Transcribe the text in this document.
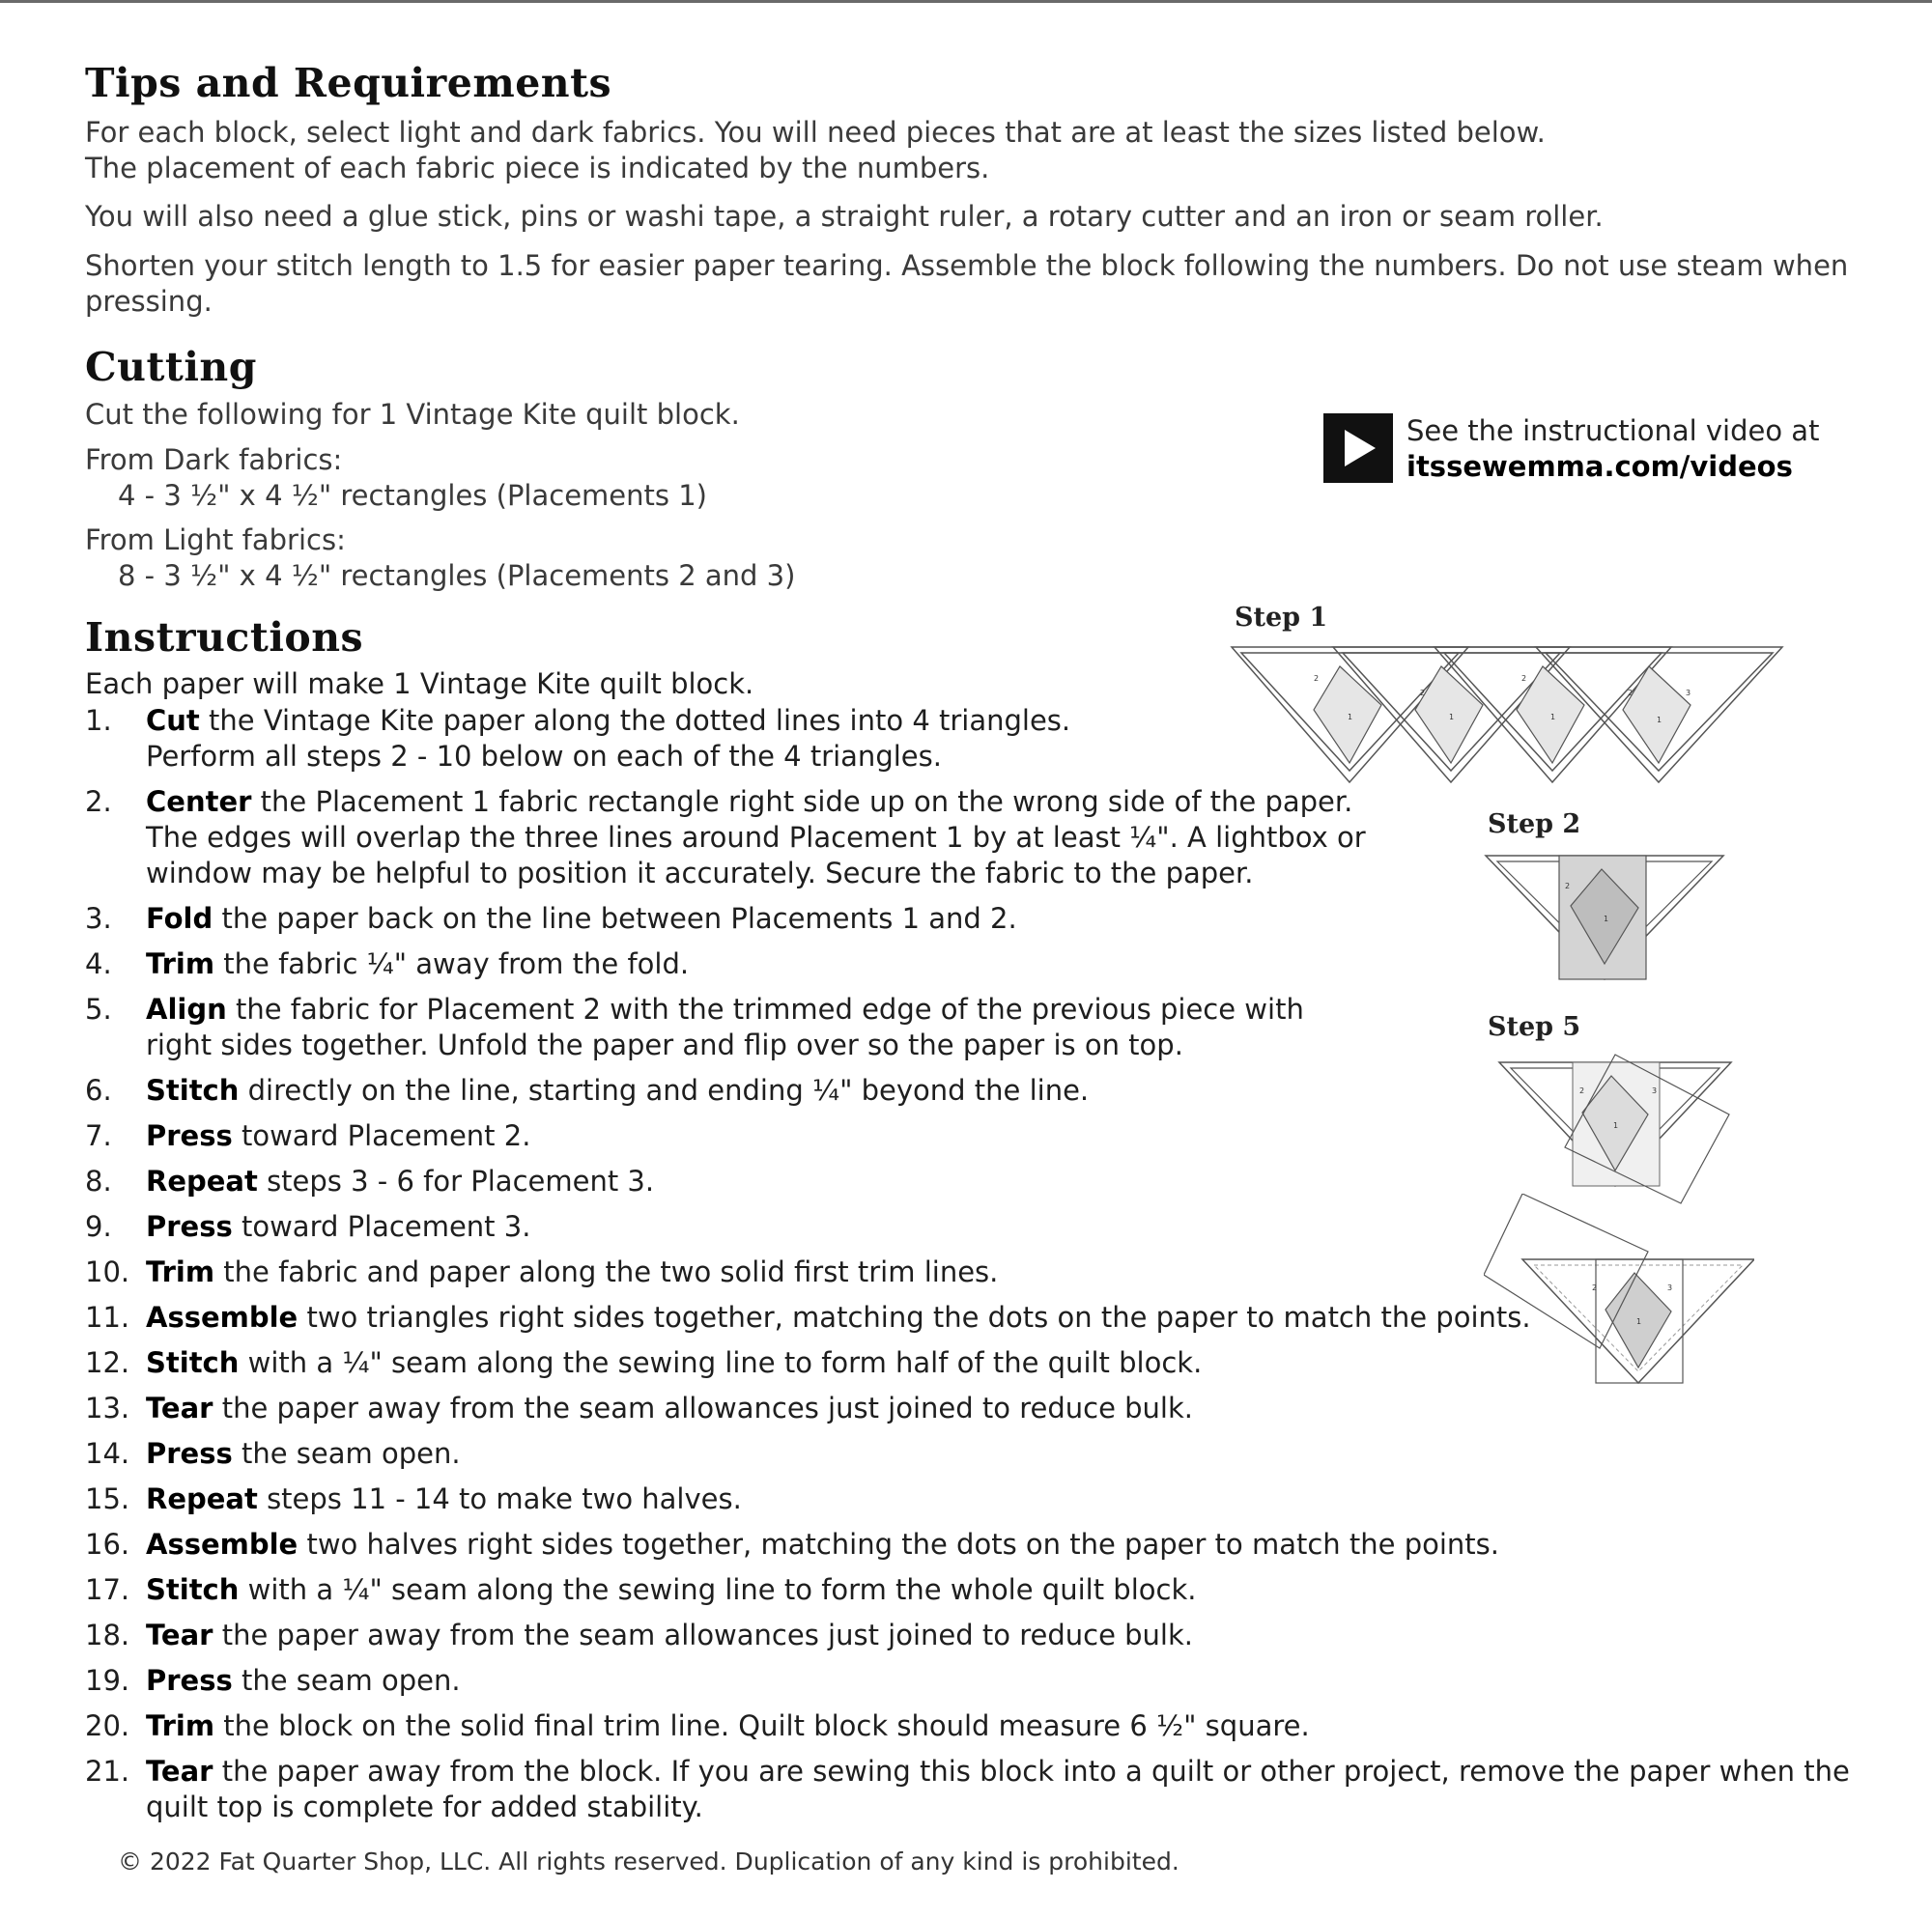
Tips and Requirements

For each block, select light and dark fabrics. You will need pieces that are at least the sizes listed below.

The placement of each fabric piece is indicated by the numbers.

You will also need a glue stick, pins or washi tape, a straight ruler, a rotary cutter and an iron or seam roller.

Shorten your stitch length to 1.5 for easier paper tearing. Assemble the block following the numbers. Do not use steam when pressing.

Cutting

Cut the following for 1 Vintage Kite quilt block.

From Dark fabrics:

4 - 3 ½" x 4 ½" rectangles (Placements 1)

From Light fabrics:

8 - 3 ½" x 4 ½" rectangles (Placements 2 and 3)

See the instructional video at

itssewemma.com/videos

Instructions

Each paper will make 1 Vintage Kite quilt block.

1. Cut the Vintage Kite paper along the dotted lines into 4 triangles.
Perform all steps 2 - 10 below on each of the 4 triangles.
2. Center the Placement 1 fabric rectangle right side up on the wrong side of the paper.
The edges will overlap the three lines around Placement 1 by at least ¼". A lightbox or
window may be helpful to position it accurately. Secure the fabric to the paper.
3. Fold the paper back on the line between Placements 1 and 2.
4. Trim the fabric ¼" away from the fold.
5. Align the fabric for Placement 2 with the trimmed edge of the previous piece with
right sides together. Unfold the paper and flip over so the paper is on top.
6. Stitch directly on the line, starting and ending ¼" beyond the line.
7. Press toward Placement 2.
8. Repeat steps 3 - 6 for Placement 3.
9. Press toward Placement 3.
10. Trim the fabric and paper along the two solid first trim lines.
11. Assemble two triangles right sides together, matching the dots on the paper to match the points.
12. Stitch with a ¼" seam along the sewing line to form half of the quilt block.
13. Tear the paper away from the seam allowances just joined to reduce bulk.
14. Press the seam open.
15. Repeat steps 11 - 14 to make two halves.
16. Assemble two halves right sides together, matching the dots on the paper to match the points.
17. Stitch with a ¼" seam along the sewing line to form the whole quilt block.
18. Tear the paper away from the seam allowances just joined to reduce bulk.
19. Press the seam open.
20. Trim the block on the solid final trim line. Quilt block should measure 6 ½" square.
21. Tear the paper away from the block. If you are sewing this block into a quilt or other project, remove the paper when the
quilt top is complete for added stability.
Step 1
2
1
2
1
2
1
2	3
1
Step 2
2
1
Step 5
2	3
1
2	3
1

© 2022 Fat Quarter Shop, LLC. All rights reserved. Duplication of any kind is prohibited.
